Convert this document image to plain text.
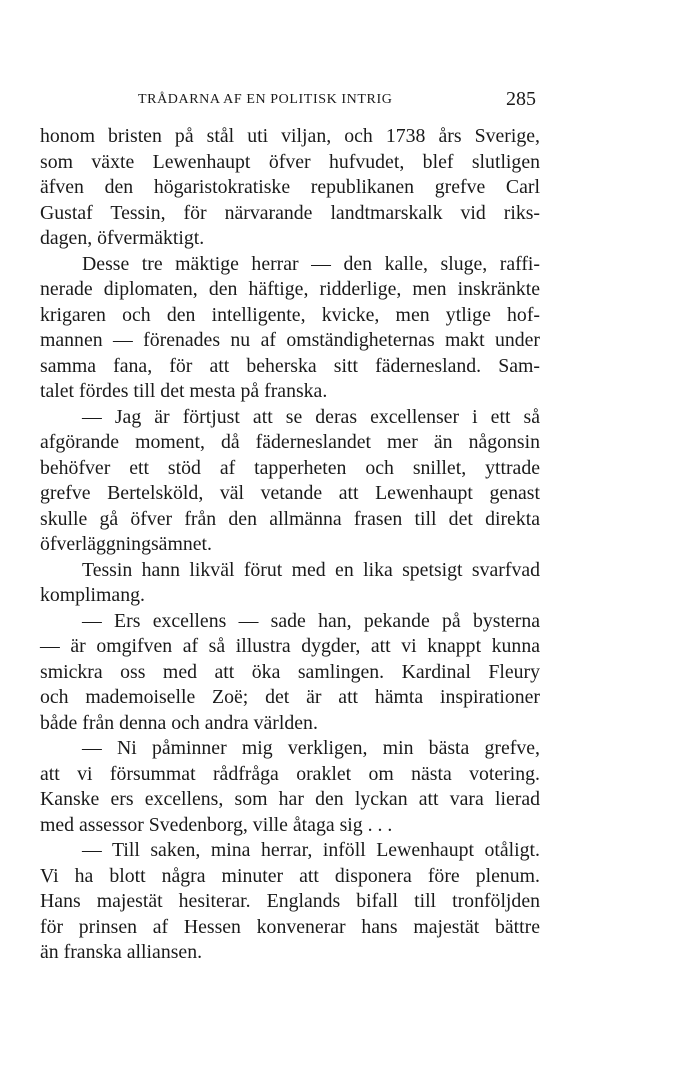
TRÅDARNA AF EN POLITISK INTRIG	285
honom bristen på stål uti viljan, och 1738 års Sverige,
som växte Lewenhaupt öfver hufvudet, blef slutligen
äfven den högaristokratiske republikanen grefve Carl
Gustaf Tessin, för närvarande landtmarskalk vid riks-
dagen, öfvermäktigt.
Desse tre mäktige herrar — den kalle, sluge, raffi-
nerade diplomaten, den häftige, ridderlige, men inskränkte
krigaren och den intelligente, kvicke, men ytlige hof-
mannen — förenades nu af omständigheternas makt under
samma fana, för att beherska sitt fädernesland. Sam-
talet fördes till det mesta på franska.
— Jag är förtjust att se deras excellenser i ett så
afgörande moment, då fäderneslandet mer än någonsin
behöfver ett stöd af tapperheten och snillet, yttrade
grefve Bertelsköld, väl vetande att Lewenhaupt genast
skulle gå öfver från den allmänna frasen till det direkta
öfverläggningsämnet.
Tessin hann likväl förut med en lika spetsigt svarfvad
komplimang.
— Ers excellens — sade han, pekande på bysterna
— är omgifven af så illustra dygder, att vi knappt kunna
smickra oss med att öka samlingen. Kardinal Fleury
och mademoiselle Zoë; det är att hämta inspirationer
både från denna och andra världen.
— Ni påminner mig verkligen, min bästa grefve,
att vi försummat rådfråga oraklet om nästa votering.
Kanske ers excellens, som har den lyckan att vara lierad
med assessor Svedenborg, ville åtaga sig . . .
— Till saken, mina herrar, inföll Lewenhaupt otåligt.
Vi ha blott några minuter att disponera före plenum.
Hans majestät hesiterar. Englands bifall till tronföljden
för prinsen af Hessen konvenerar hans majestät bättre
än franska alliansen.
